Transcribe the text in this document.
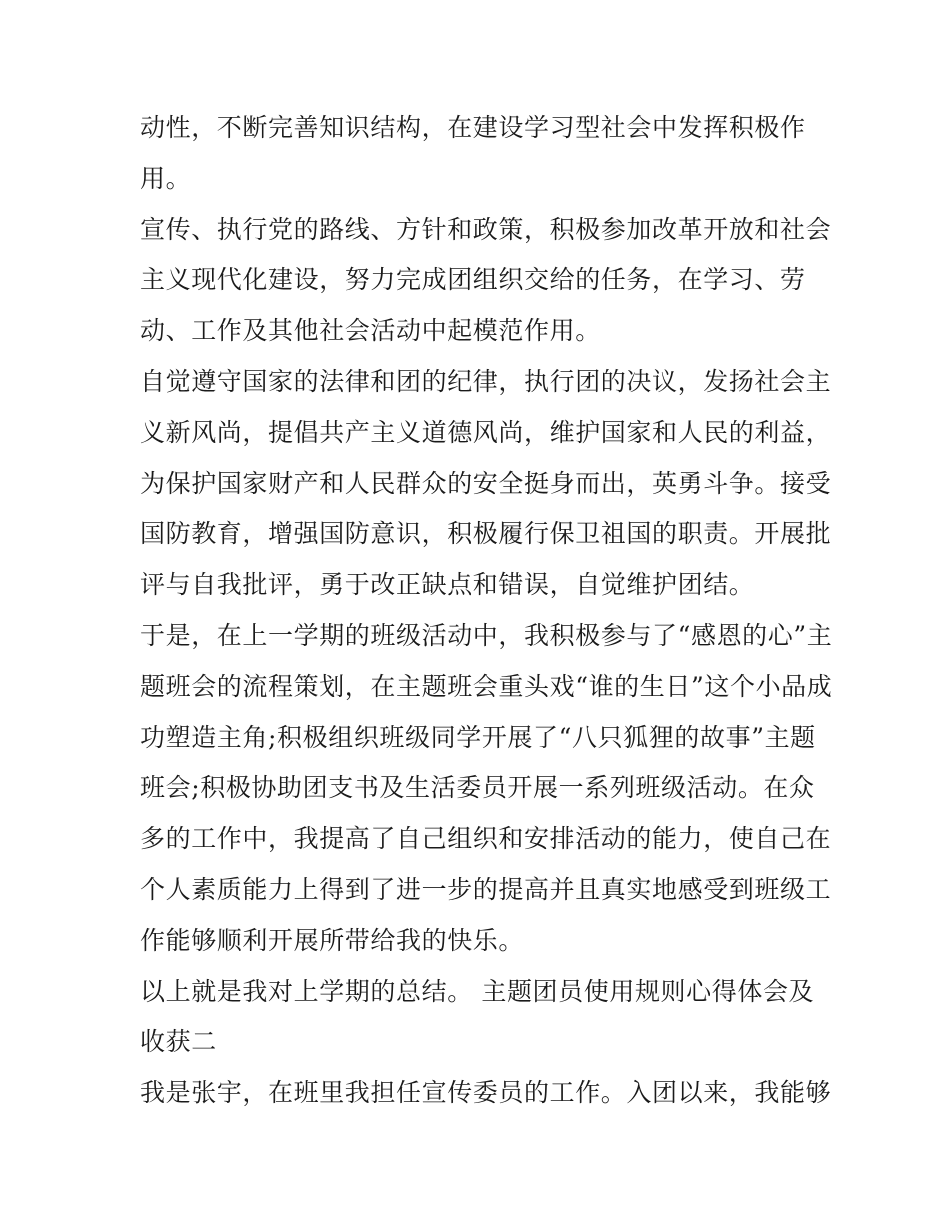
动性，不断完善知识结构，在建设学习型社会中发挥积极作
用。
宣传、执行党的路线、方针和政策，积极参加改革开放和社会
主义现代化建设，努力完成团组织交给的任务，在学习、劳
动、工作及其他社会活动中起模范作用。
自觉遵守国家的法律和团的纪律，执行团的决议，发扬社会主
义新风尚，提倡共产主义道德风尚，维护国家和人民的利益，
为保护国家财产和人民群众的安全挺身而出，英勇斗争。接受
国防教育，增强国防意识，积极履行保卫祖国的职责。开展批
评与自我批评，勇于改正缺点和错误，自觉维护团结。
于是，在上一学期的班级活动中，我积极参与了“感恩的心”主
题班会的流程策划，在主题班会重头戏“谁的生日”这个小品成
功塑造主角;积极组织班级同学开展了“八只狐狸的故事”主题
班会;积极协助团支书及生活委员开展一系列班级活动。在众
多的工作中，我提高了自己组织和安排活动的能力，使自己在
个人素质能力上得到了进一步的提高并且真实地感受到班级工
作能够顺利开展所带给我的快乐。
以上就是我对上学期的总结。 主题团员使用规则心得体会及
收获二
我是张宇，在班里我担任宣传委员的工作。入团以来，我能够
